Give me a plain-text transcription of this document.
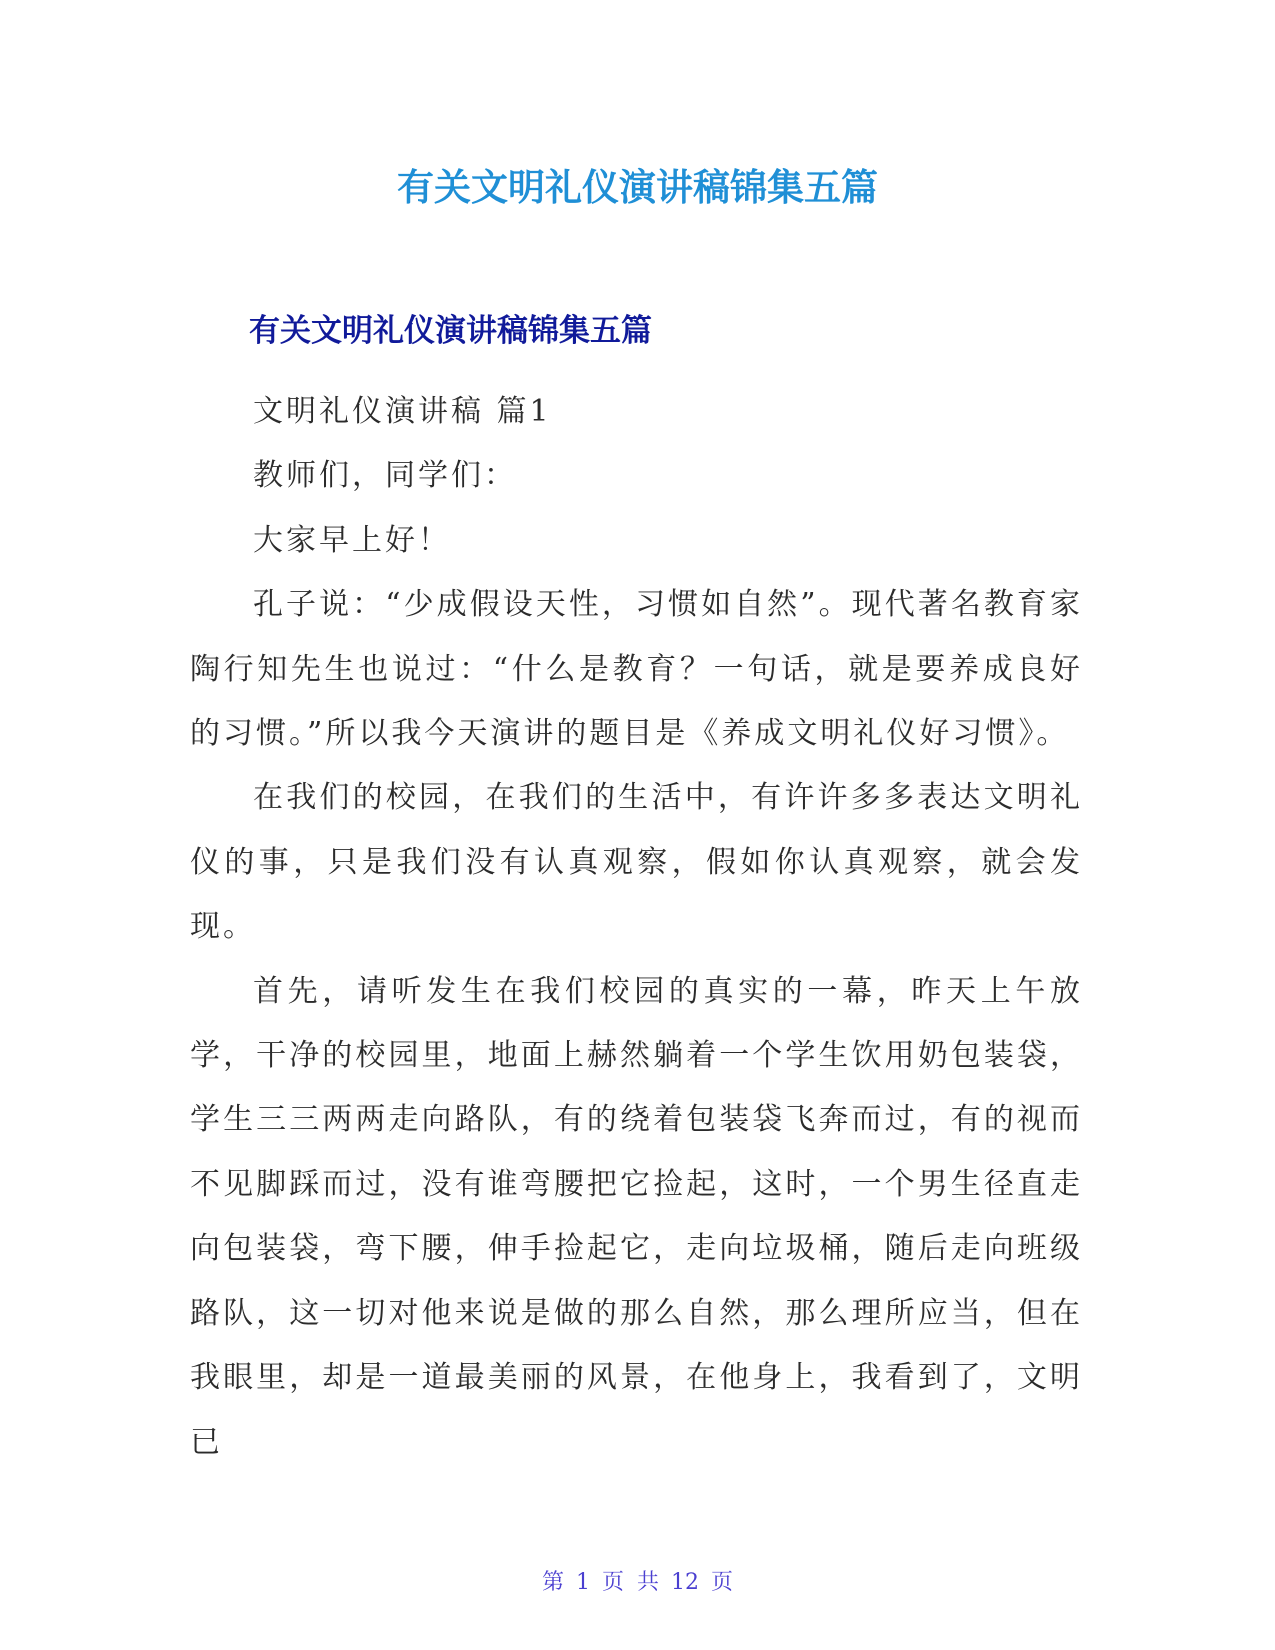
有关文明礼仪演讲稿锦集五篇
有关文明礼仪演讲稿锦集五篇

文明礼仪演讲稿 篇1

教师们，同学们：

大家早上好！

孔子说：“少成假设天性，习惯如自然”。现代著名教育家陶行知先生也说过：“什么是教育？一句话，就是要养成良好的习惯。”所以我今天演讲的题目是《养成文明礼仪好习惯》。

在我们的校园，在我们的生活中，有许许多多表达文明礼仪的事，只是我们没有认真观察，假如你认真观察，就会发现。

首先，请听发生在我们校园的真实的一幕，昨天上午放学，干净的校园里，地面上赫然躺着一个学生饮用奶包装袋，学生三三两两走向路队，有的绕着包装袋飞奔而过，有的视而不见脚踩而过，没有谁弯腰把它捡起，这时，一个男生径直走向包装袋，弯下腰，伸手捡起它，走向垃圾桶，随后走向班级路队，这一切对他来说是做的那么自然，那么理所应当，但在我眼里，却是一道最美丽的风景，在他身上，我看到了，文明已

第 1 页 共 12 页
